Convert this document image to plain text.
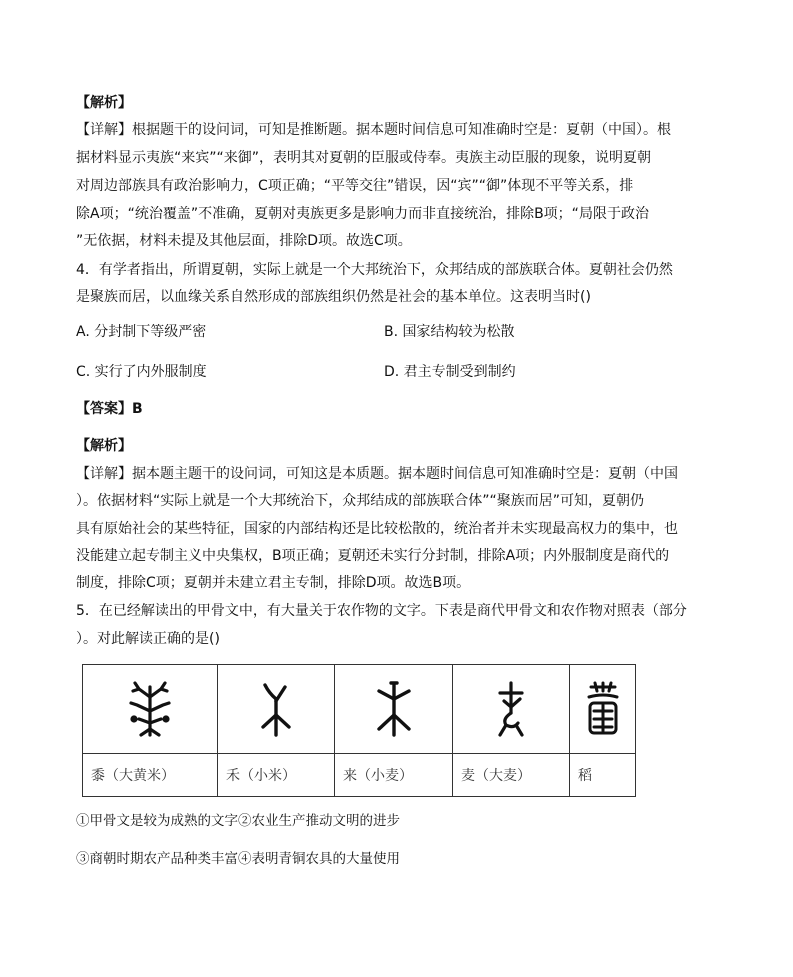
【解析】
【详解】根据题干的设问词，可知是推断题。据本题时间信息可知准确时空是：夏朝（中国）。根
据材料显示夷族“来宾”“来御”，表明其对夏朝的臣服或侍奉。夷族主动臣服的现象，说明夏朝
对周边部族具有政治影响力，C项正确；“平等交往”错误，因“宾”“御”体现不平等关系，排
除A项；“统治覆盖”不准确，夏朝对夷族更多是影响力而非直接统治，排除B项；“局限于政治
”无依据，材料未提及其他层面，排除D项。故选C项。
4．有学者指出，所谓夏朝，实际上就是一个大邦统治下，众邦结成的部族联合体。夏朝社会仍然
是聚族而居，以血缘关系自然形成的部族组织仍然是社会的基本单位。这表明当时()
A. 分封制下等级严密	B. 国家结构较为松散
C. 实行了内外服制度	D. 君主专制受到制约
【答案】B
【解析】
【详解】据本题主题干的设问词，可知这是本质题。据本题时间信息可知准确时空是：夏朝（中国
）。依据材料“实际上就是一个大邦统治下，众邦结成的部族联合体”“聚族而居”可知，夏朝仍
具有原始社会的某些特征，国家的内部结构还是比较松散的，统治者并未实现最高权力的集中，也
没能建立起专制主义中央集权，B项正确；夏朝还未实行分封制，排除A项；内外服制度是商代的
制度，排除C项；夏朝并未建立君主专制，排除D项。故选B项。
5．在已经解读出的甲骨文中，有大量关于农作物的文字。下表是商代甲骨文和农作物对照表（部分
）。对此解读正确的是()

黍（大黄米）	禾（小米）	来（小麦）	麦（大麦）	稻
①甲骨文是较为成熟的文字②农业生产推动文明的进步
③商朝时期农产品种类丰富④表明青铜农具的大量使用
